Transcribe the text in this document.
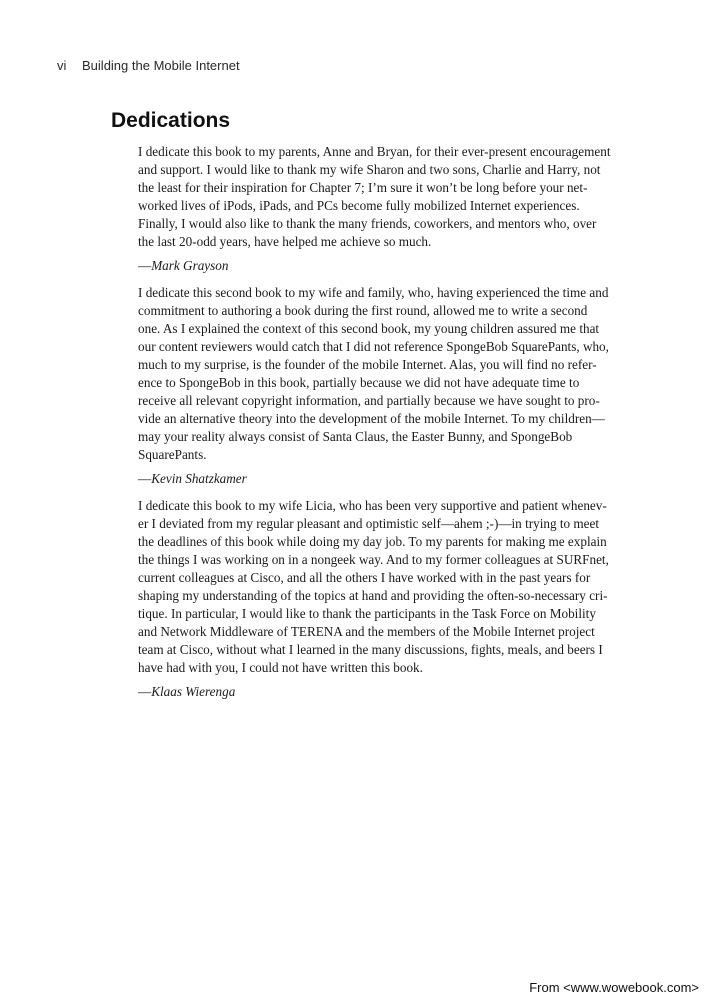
vi Building the Mobile Internet
Dedications

I dedicate this book to my parents, Anne and Bryan, for their ever-present encouragement
and support. I would like to thank my wife Sharon and two sons, Charlie and Harry, not
the least for their inspiration for Chapter 7; I’m sure it won’t be long before your net-
worked lives of iPods, iPads, and PCs become fully mobilized Internet experiences.
Finally, I would also like to thank the many friends, coworkers, and mentors who, over
the last 20-odd years, have helped me achieve so much.

—Mark Grayson

I dedicate this second book to my wife and family, who, having experienced the time and
commitment to authoring a book during the first round, allowed me to write a second
one. As I explained the context of this second book, my young children assured me that
our content reviewers would catch that I did not reference SpongeBob SquarePants, who,
much to my surprise, is the founder of the mobile Internet. Alas, you will find no refer-
ence to SpongeBob in this book, partially because we did not have adequate time to
receive all relevant copyright information, and partially because we have sought to pro-
vide an alternative theory into the development of the mobile Internet. To my children—
may your reality always consist of Santa Claus, the Easter Bunny, and SpongeBob
SquarePants.

—Kevin Shatzkamer

I dedicate this book to my wife Licia, who has been very supportive and patient whenev-
er I deviated from my regular pleasant and optimistic self—ahem ;-)—in trying to meet
the deadlines of this book while doing my day job. To my parents for making me explain
the things I was working on in a nongeek way. And to my former colleagues at SURFnet,
current colleagues at Cisco, and all the others I have worked with in the past years for
shaping my understanding of the topics at hand and providing the often-so-necessary cri-
tique. In particular, I would like to thank the participants in the Task Force on Mobility
and Network Middleware of TERENA and the members of the Mobile Internet project
team at Cisco, without what I learned in the many discussions, fights, meals, and beers I
have had with you, I could not have written this book.

—Klaas Wierenga

From <www.wowebook.com>
